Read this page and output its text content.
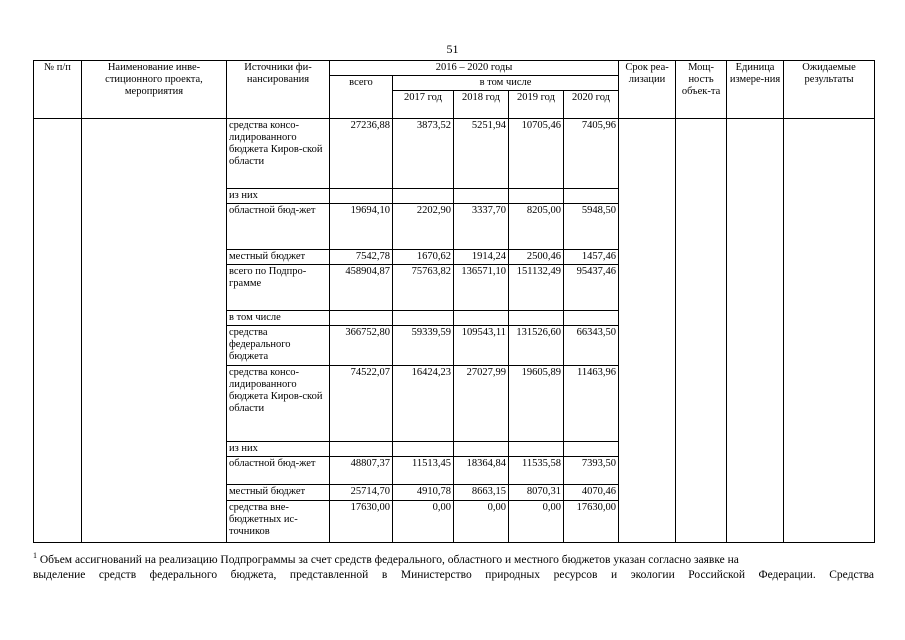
51
№ п/п	Наименование инве-стиционного проекта, мероприятия	Источники фи-нансирования	2016 – 2020 годы					Срок реа-лизации	Мощ-ность объек-та	Единица измере-ния	Ожидаемые результаты
			всего	в том числе							
				2017 год	2018 год	2019 год	2020 год				
		средства консо-лидированного бюджета Киров-ской области	27236,88	3873,52	5251,94	10705,46	7405,96				
		из них									
		областной бюд-жет	19694,10	2202,90	3337,70	8205,00	5948,50				
		местный бюджет	7542,78	1670,62	1914,24	2500,46	1457,46				
		всего по Подпро-грамме	458904,87	75763,82	136571,10	151132,49	95437,46				
		в том числе									
		средства федерального бюджета	366752,80	59339,59	109543,11	131526,60	66343,50				
		средства консо-лидированного бюджета Киров-ской области	74522,07	16424,23	27027,99	19605,89	11463,96				
		из них									
		областной бюд-жет	48807,37	11513,45	18364,84	11535,58	7393,50				
		местный бюджет	25714,70	4910,78	8663,15	8070,31	4070,46				
		средства вне-бюджетных ис-точников	17630,00	0,00	0,00	0,00	17630,00				
$^1$ Объем ассигнований на реализацию Подпрограммы за счет средств федерального, областного и местного бюджетов указан согласно заявке на
выделение средств федерального бюджета, представленной в Министерство природных ресурсов и экологии Российской Федерации. Средства
